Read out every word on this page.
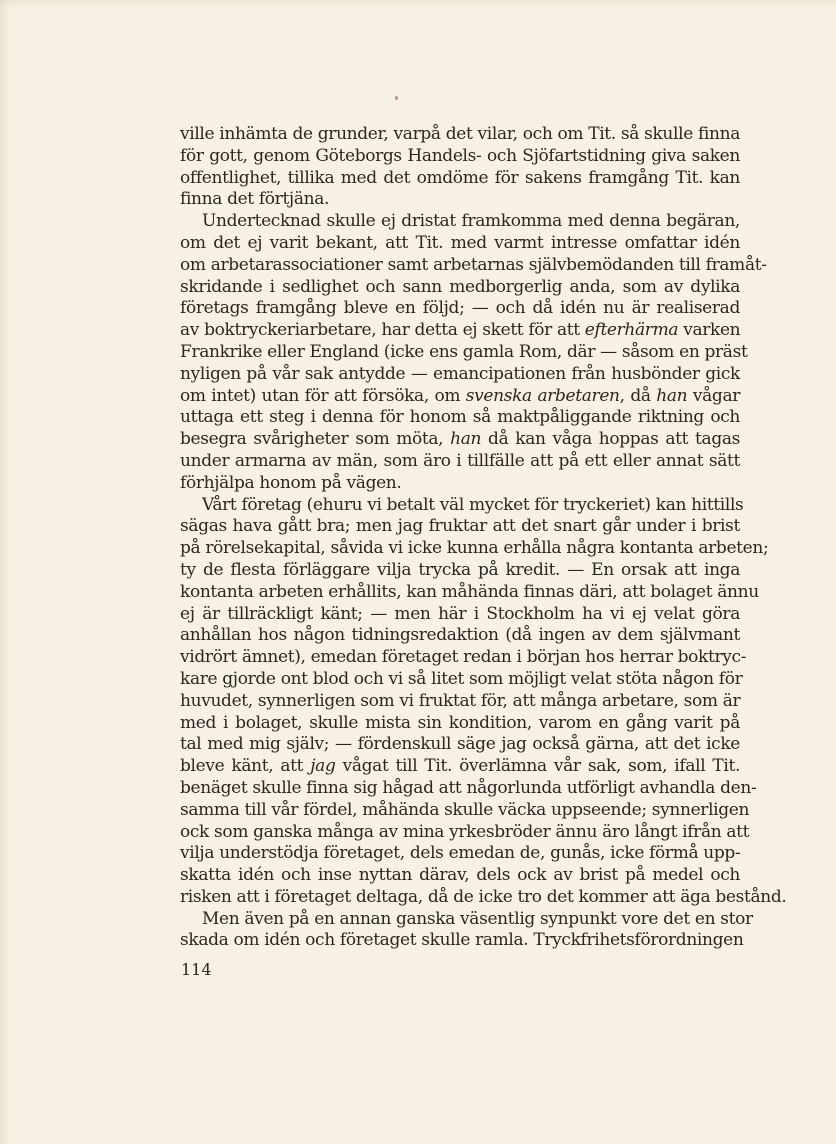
ville inhämta de grunder, varpå det vilar, och om Tit. så skulle finna
för gott, genom Göteborgs Handels- och Sjöfartstidning giva saken
offentlighet, tillika med det omdöme för sakens framgång Tit. kan
finna det förtjäna.
Undertecknad skulle ej dristat framkomma med denna begäran,
om det ej varit bekant, att Tit. med varmt intresse omfattar idén
om arbetarassociationer samt arbetarnas självbemödanden till framåt-
skridande i sedlighet och sann medborgerlig anda, som av dylika
företags framgång bleve en följd; — och då idén nu är realiserad
av boktryckeriarbetare, har detta ej skett för att efterhärma varken
Frankrike eller England (icke ens gamla Rom, där — såsom en präst
nyligen på vår sak antydde — emancipationen från husbönder gick
om intet) utan för att försöka, om svenska arbetaren, då han vågar
uttaga ett steg i denna för honom så maktpåliggande riktning och
besegra svårigheter som möta, han då kan våga hoppas att tagas
under armarna av män, som äro i tillfälle att på ett eller annat sätt
förhjälpa honom på vägen.
Vårt företag (ehuru vi betalt väl mycket för tryckeriet) kan hittills
sägas hava gått bra; men jag fruktar att det snart går under i brist
på rörelsekapital, såvida vi icke kunna erhålla några kontanta arbeten;
ty de flesta förläggare vilja trycka på kredit. — En orsak att inga
kontanta arbeten erhållits, kan måhända finnas däri, att bolaget ännu
ej är tillräckligt känt; — men här i Stockholm ha vi ej velat göra
anhållan hos någon tidningsredaktion (då ingen av dem självmant
vidrört ämnet), emedan företaget redan i början hos herrar boktryc-
kare gjorde ont blod och vi så litet som möjligt velat stöta någon för
huvudet, synnerligen som vi fruktat för, att många arbetare, som är
med i bolaget, skulle mista sin kondition, varom en gång varit på
tal med mig själv; — fördenskull säge jag också gärna, att det icke
bleve känt, att jag vågat till Tit. överlämna vår sak, som, ifall Tit.
benäget skulle finna sig hågad att någorlunda utförligt avhandla den-
samma till vår fördel, måhända skulle väcka uppseende; synnerligen
ock som ganska många av mina yrkesbröder ännu äro långt ifrån att
vilja understödja företaget, dels emedan de, gunås, icke förmå upp-
skatta idén och inse nyttan därav, dels ock av brist på medel och
risken att i företaget deltaga, då de icke tro det kommer att äga bestånd.
Men även på en annan ganska väsentlig synpunkt vore det en stor
skada om idén och företaget skulle ramla. Tryckfrihetsförordningen
114
